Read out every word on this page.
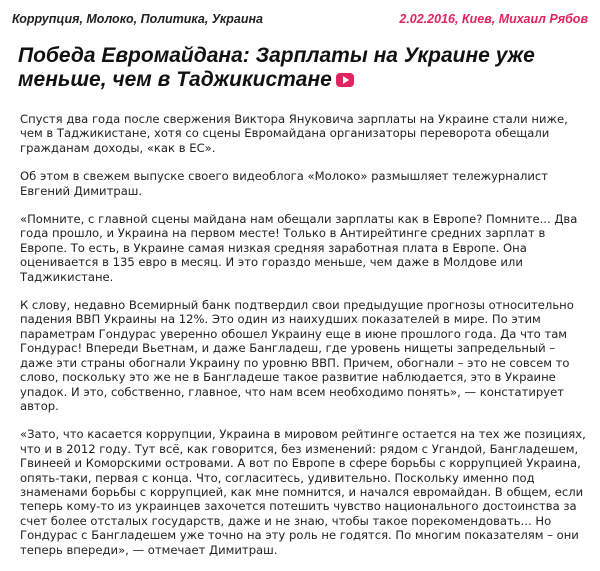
Коррупция, Молоко, Политика, Украина	2.02.2016, Киев, Михаил Рябов
Победа Евромайдана: Зарплаты на Украине уже меньше, чем в Таджикистане

Спустя два года после свержения Виктора Януковича зарплаты на Украине стали ниже, чем в Таджикистане, хотя со сцены Евромайдана организаторы переворота обещали гражданам доходы, «как в ЕС».

Об этом в свежем выпуске своего видеоблога «Молоко» размышляет тележурналист Евгений Димитраш.

«Помните, с главной сцены майдана нам обещали зарплаты как в Европе? Помните... Два года прошло, и Украина на первом месте! Только в Антирейтинге средних зарплат в Европе. То есть, в Украине самая низкая средняя заработная плата в Европе. Она оценивается в 135 евро в месяц. И это гораздо меньше, чем даже в Молдове или Таджикистане.

К слову, недавно Всемирный банк подтвердил свои предыдущие прогнозы относительно падения ВВП Украины на 12%. Это один из наихудших показателей в мире. По этим параметрам Гондурас уверенно обошел Украину еще в июне прошлого года. Да что там Гондурас! Впереди Вьетнам, и даже Бангладеш, где уровень нищеты запредельный – даже эти страны обогнали Украину по уровню ВВП. Причем, обогнали – это не совсем то слово, поскольку это же не в Бангладеше такое развитие наблюдается, это в Украине упадок. И это, собственно, главное, что нам всем необходимо понять», — констатирует автор.

«Зато, что касается коррупции, Украина в мировом рейтинге остается на тех же позициях, что и в 2012 году. Тут всё, как говорится, без изменений: рядом с Угандой, Бангладешем, Гвинеей и Коморскими островами. А вот по Европе в сфере борьбы с коррупцией Украина, опять-таки, первая с конца. Что, согласитесь, удивительно. Поскольку именно под знаменами борьбы с коррупцией, как мне помнится, и начался евромайдан. В общем, если теперь кому-то из украинцев захочется потешить чувство национального достоинства за счет более отсталых государств, даже и не знаю, чтобы такое порекомендовать... Но Гондурас с Бангладешем уже точно на эту роль не годятся. По многим показателям – они теперь впереди», — отмечает Димитраш.
